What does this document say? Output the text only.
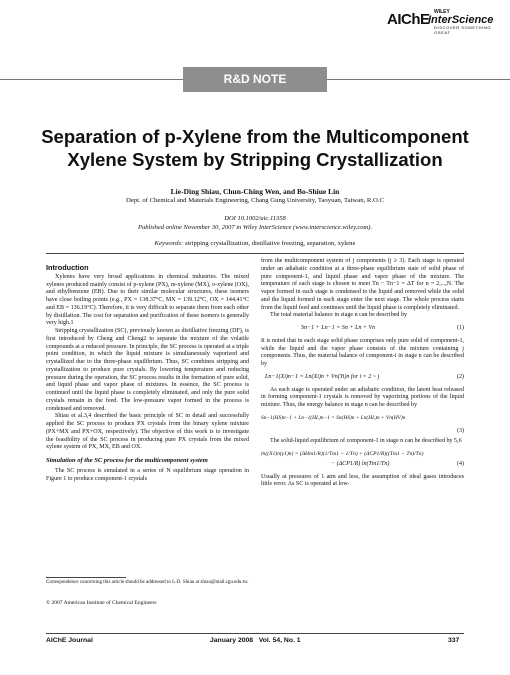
AIChE WILEY
InterScience
DISCOVER SOMETHING GREAT
R&D NOTE
Separation of p-Xylene from the Multicomponent
Xylene System by Stripping Crystallization
Lie-Ding Shiau, Chun-Ching Wen, and Bo-Shiue Lin
Dept. of Chemical and Materials Engineering, Chang Gung University, Taoyuan, Taiwan, R.O.C
DOI 10.1002/aic.11358
Published online November 30, 2007 in Wiley InterScience (www.interscience.wiley.com).
Keywords: stripping crystallization, distillative freezing, separation, xylene
Introduction

Xylenes have very broad applications in chemical industries. The mixed xylenes produced mainly consist of p-xylene (PX), m-xylene (MX), o-xylene (OX), and ethylbenzene (EB). Due to their similar molecular structures, these isomers have close boiling points (e.g., PX = 138.37°C, MX = 139.12°C, OX = 144.41°C and EB = 136.19°C). Therefore, it is very difficult to separate them from each other by distillation. The cost for separation and purification of these isomers is generally very high.1

Stripping crystallization (SC), previously known as distillative freezing (DF), is first introduced by Cheng and Cheng2 to separate the mixture of the volatile compounds at a reduced pressure. In principle, the SC process is operated at a triple point condition, in which the liquid mixture is simultaneously vaporized and crystallized due to the three-phase equilibrium. Thus, SC combines stripping and crystallization to produce pure crystals. By lowering temperature and reducing pressure during the operation, the SC process results in the formation of pure solid, and liquid phase and vapor phase of mixtures. In essence, the SC process is continued until the liquid phase is completely eliminated, and only the pure solid crystals remain in the feed. The low-pressure vapor formed in the process is condensed and removed.

Shiau et al.3,4 described the basic principle of SC in detail and successfully applied the SC process to produce PX crystals from the binary xylene mixture (PX+MX and PX+OX, respectively). The objective of this work is to investigate the feasibility of the SC process in producing pure PX crystals from the mixed xylene system of PX, MX, EB and OX.

Simulation of the SC process for the multicomponent system

The SC process is simulated in a series of N equilibrium stage operation in Figure 1 to produce component-1 crystals

Correspondence concerning this article should be addressed to L-D. Shiau at shiau@mail.cgu.edu.tw.
© 2007 American Institute of Chemical Engineers

from the multicomponent system of j components (j ≥ 3). Each stage is operated under an adiabatic condition at a three-phase equilibrium state of solid phase of pure component-1, and liquid phase and vapor phase of the mixture. The temperature of each stage is chosen to meet Tn − Tn−1 = ΔT for n = 2,...,N. The vapor formed in each stage is condensed to the liquid and removed while the solid and the liquid formed in each stage enter the next stage. The whole process starts from the liquid feed and continues until the liquid phase is completely eliminated.

The total material balance in stage n can be described by

Sn−1 + Ln−1 = Sn + Ln + Vn	(1)

It is noted that in each stage solid phase comprises only pure solid of component-1, while the liquid and the vapor phase consists of the mixture containing j components. Thus, the material balance of component-i in stage n can be described by

Ln−1(Xi)n−1 = Ln(Xi)n + Vn(Yi)n for i = 2 ~ j	(2)

As each stage is operated under an adiabatic condition, the latent heat released in forming component-1 crystals is removed by vaporizing portions of the liquid mixture. Thus, the energy balance in stage n can be described by

Sn−1(HS)n−1 + Ln−1(HL)n−1 = Sn(HS)n + Ln(HL)n + Vn(HV)n
(3)

The solid-liquid equilibrium of component-1 in stage n can be described by 5,6

ln((X1)n(γ1)n) = (ΔHm1/R)(1/Tm1 − 1/Tn) + (ΔCP1/R)((Tm1 − Tn)/Tn)
− (ΔCP1/R) ln(Tm1/Tn)	(4)

Usually at pressures of 1 atm and less, the assumption of ideal gases introduces little error. As SC is operated at low-

AIChE Journal	January 2008   Vol. 54, No. 1	337
